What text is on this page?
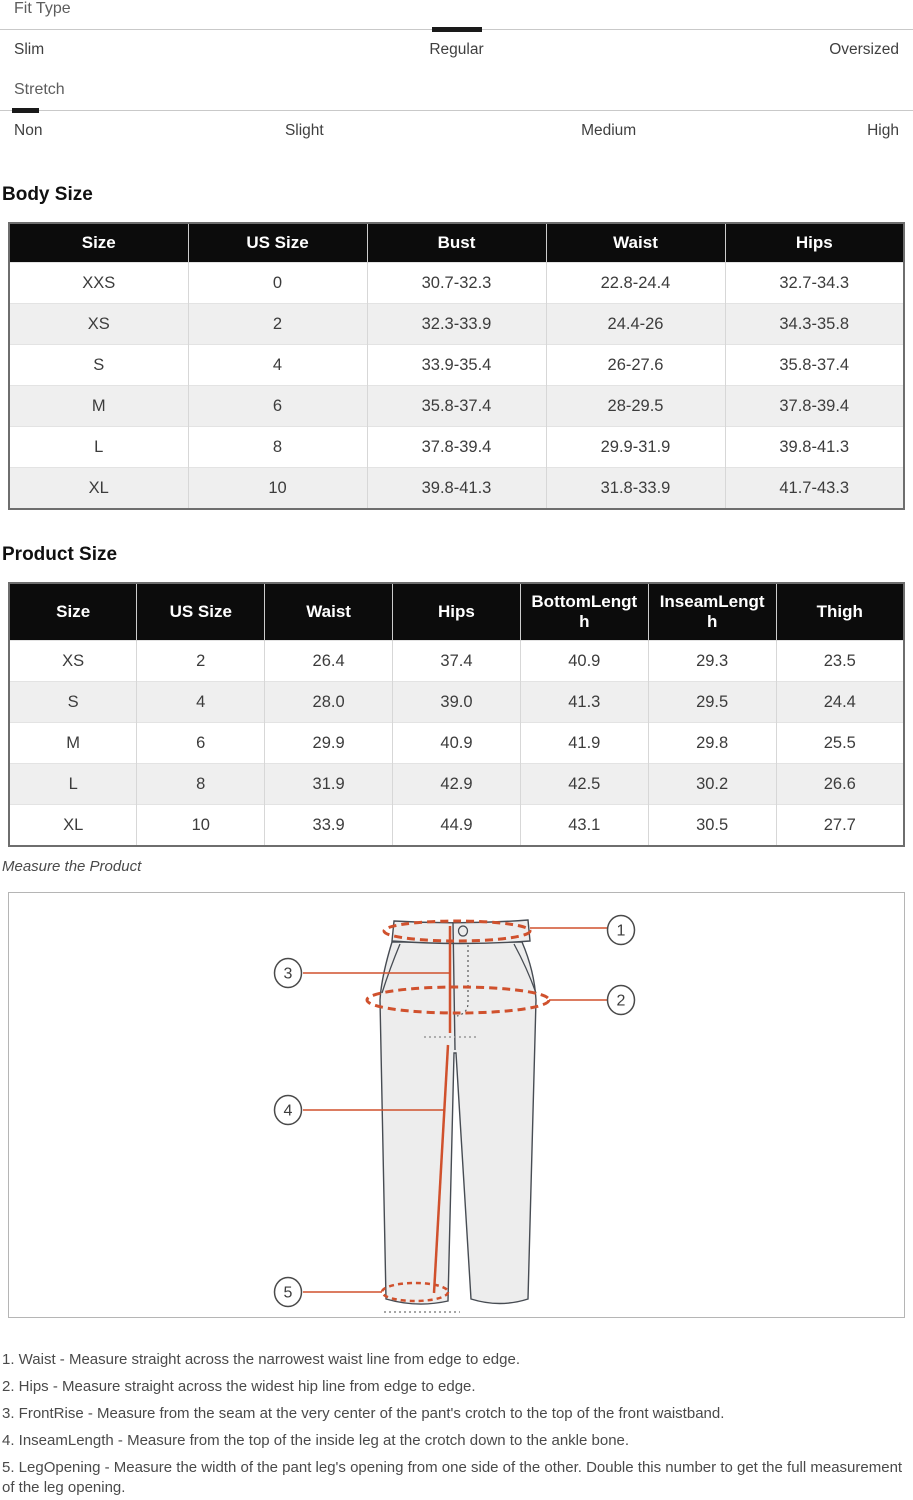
Fit Type
Slim	Regular	Oversized
Stretch
Non	Slight	Medium	High
Body Size
Size	US Size	Bust	Waist	Hips
XXS	0	30.7-32.3	22.8-24.4	32.7-34.3
XS	2	32.3-33.9	24.4-26	34.3-35.8
S	4	33.9-35.4	26-27.6	35.8-37.4
M	6	35.8-37.4	28-29.5	37.8-39.4
L	8	37.8-39.4	29.9-31.9	39.8-41.3
XL	10	39.8-41.3	31.8-33.9	41.7-43.3
Product Size
Size	US Size	Waist	Hips	BottomLength	InseamLength	Thigh
XS	2	26.4	37.4	40.9	29.3	23.5
S	4	28.0	39.0	41.3	29.5	24.4
M	6	29.9	40.9	41.9	29.8	25.5
L	8	31.9	42.9	42.5	30.2	26.6
XL	10	33.9	44.9	43.1	30.5	27.7
Measure the Product
1
2
3
4
5
1. Waist - Measure straight across the narrowest waist line from edge to edge.
2. Hips - Measure straight across the widest hip line from edge to edge.
3. FrontRise - Measure from the seam at the very center of the pant's crotch to the top of the front waistband.
4. InseamLength - Measure from the top of the inside leg at the crotch down to the ankle bone.
5. LegOpening - Measure the width of the pant leg's opening from one side of the other. Double this number to get the full measurement of the leg opening.
